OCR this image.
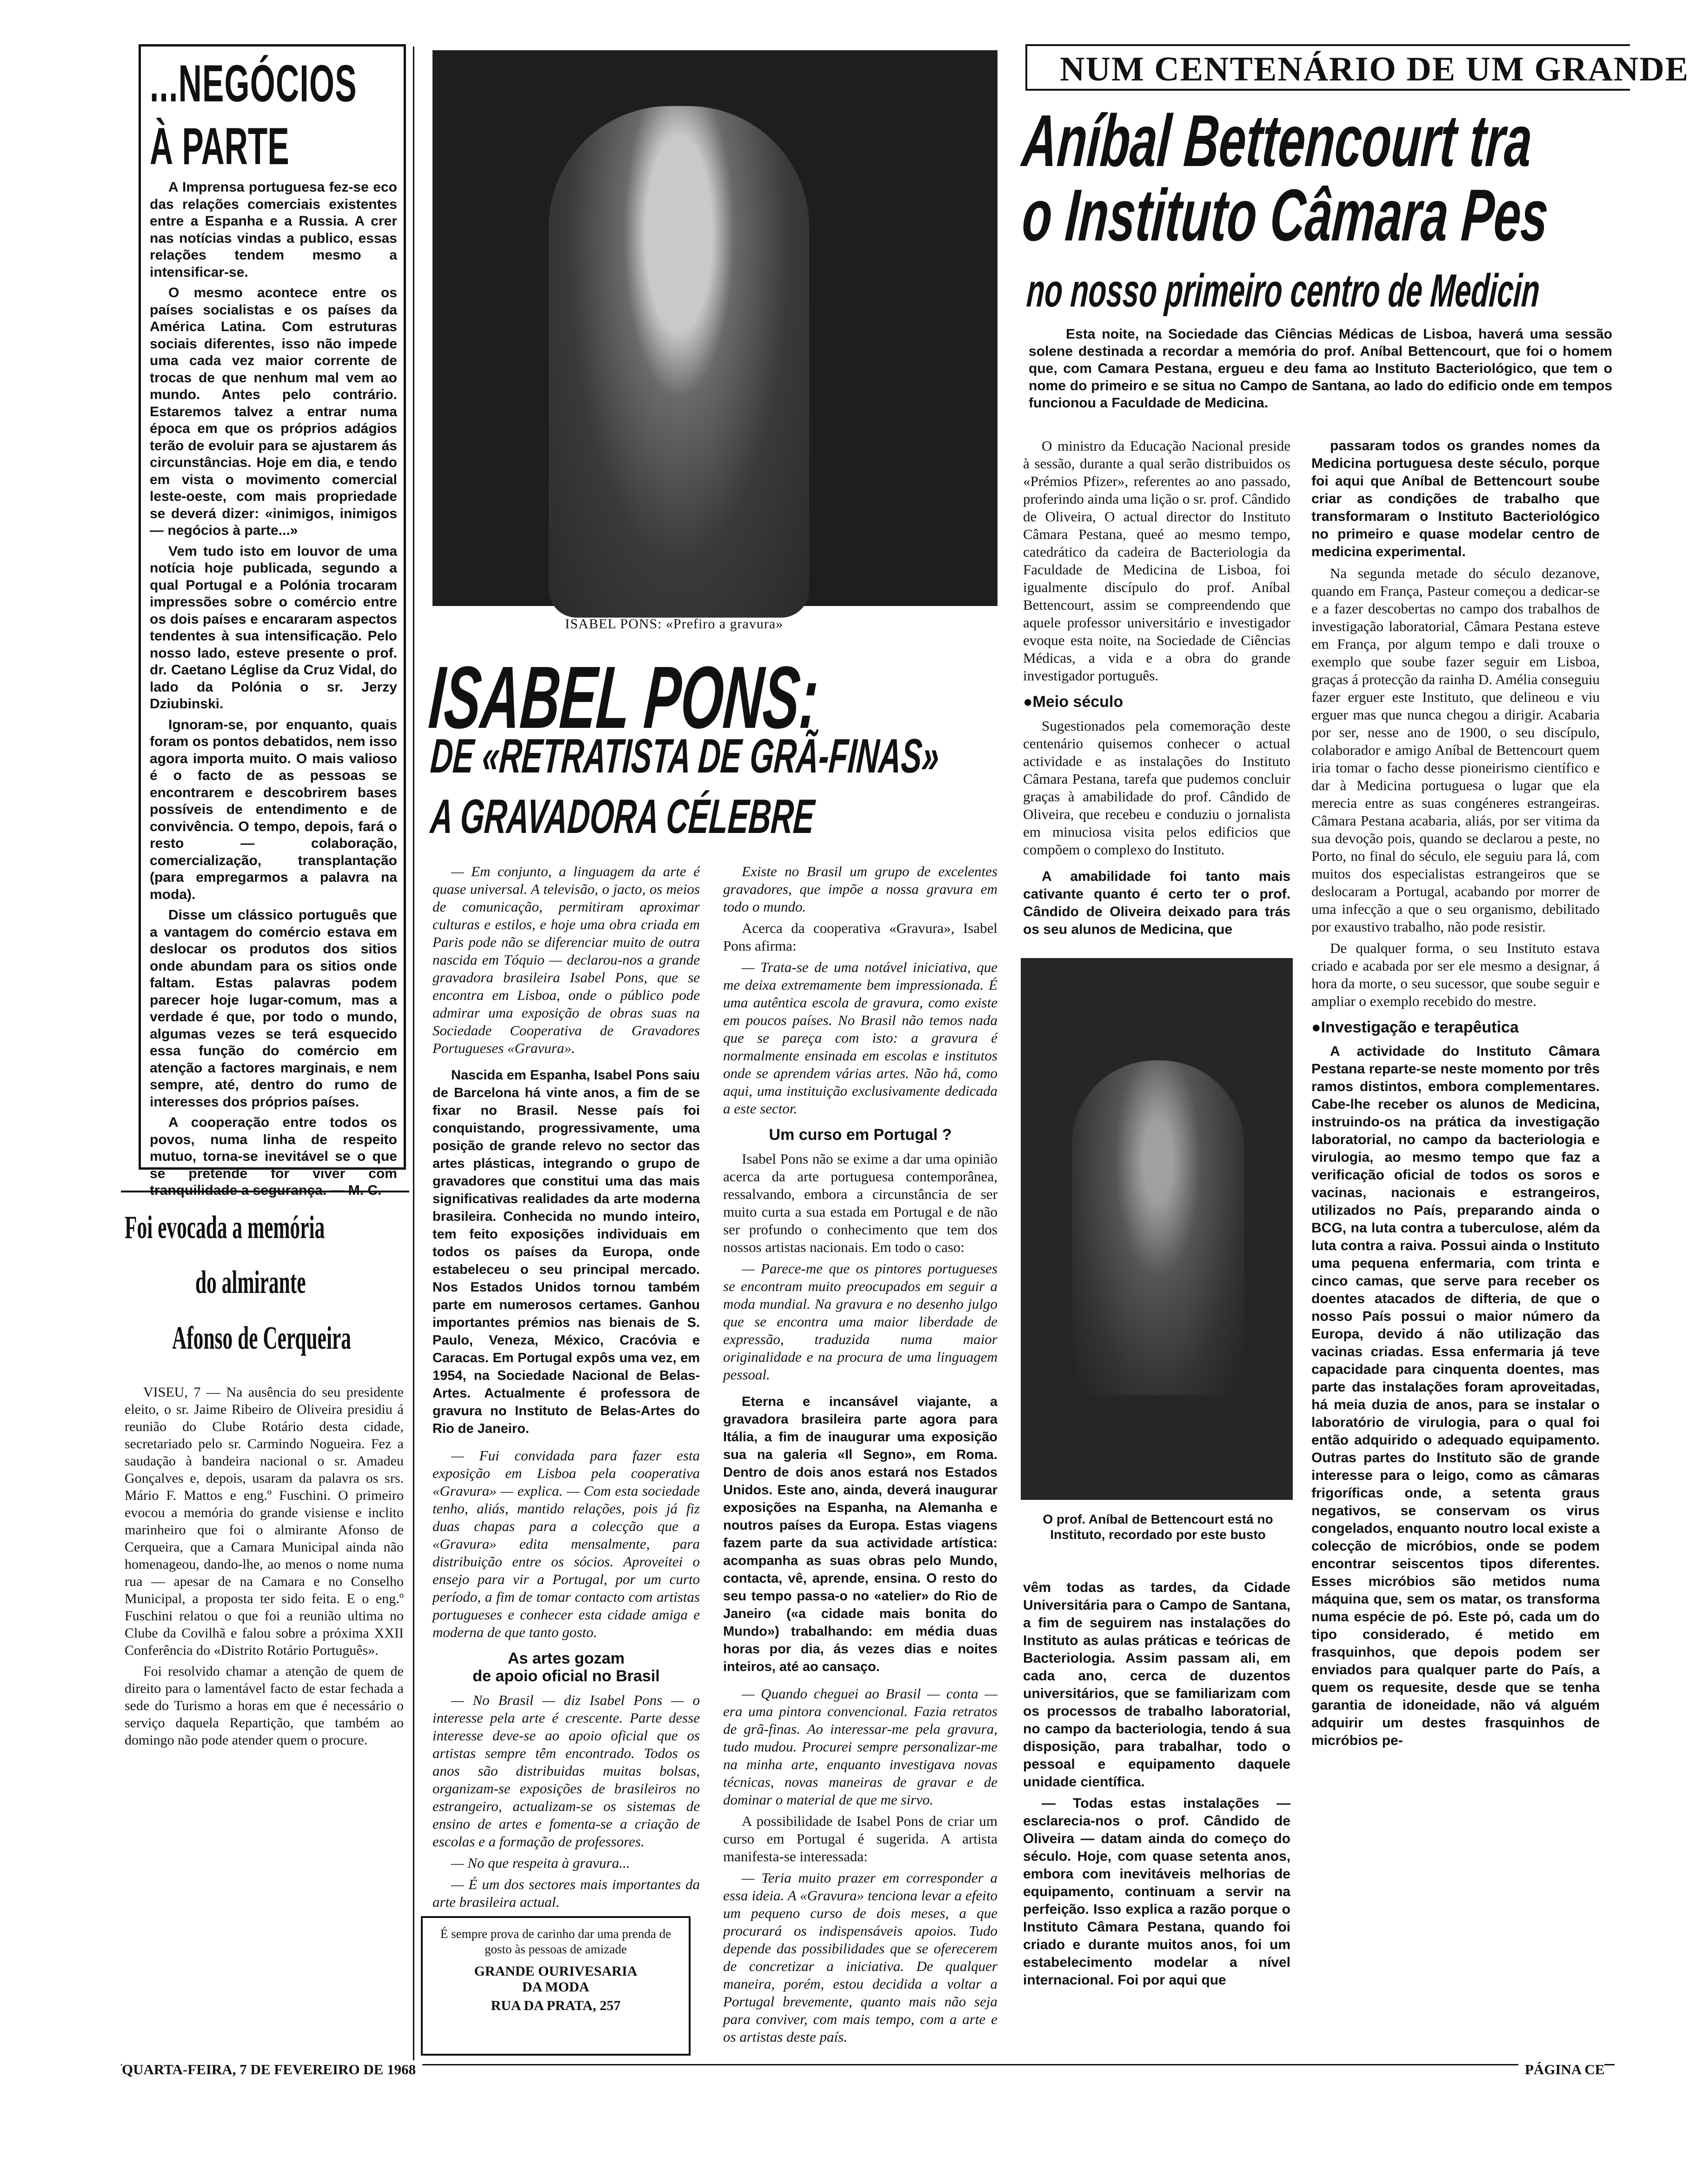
...NEGÓCIOS
À PARTE

A Imprensa portuguesa fez-se eco das relações comerciais existentes entre a Espanha e a Russia. A crer nas notícias vindas a publico, essas relações tendem mesmo a intensificar-se.

O mesmo acontece entre os países socialistas e os países da América Latina. Com estruturas sociais diferentes, isso não impede uma cada vez maior corrente de trocas de que nenhum mal vem ao mundo. Antes pelo contrário. Estaremos talvez a entrar numa época em que os próprios adágios terão de evoluir para se ajustarem ás circunstâncias. Hoje em dia, e tendo em vista o movimento comercial leste-oeste, com mais propriedade se deverá dizer: «inimigos, inimigos — negócios à parte...»

Vem tudo isto em louvor de uma notícia hoje publicada, segundo a qual Portugal e a Polónia trocaram impressões sobre o comércio entre os dois países e encararam aspectos tendentes à sua intensificação. Pelo nosso lado, esteve presente o prof. dr. Caetano Léglise da Cruz Vidal, do lado da Polónia o sr. Jerzy Dziubinski.

Ignoram-se, por enquanto, quais foram os pontos debatidos, nem isso agora importa muito. O mais valioso é o facto de as pessoas se encontrarem e descobrirem bases possíveis de entendimento e de convivência. O tempo, depois, fará o resto — colaboração, comercialização, transplantação (para empregarmos a palavra na moda).

Disse um clássico português que a vantagem do comércio estava em deslocar os produtos dos sitios onde abundam para os sitios onde faltam. Estas palavras podem parecer hoje lugar-comum, mas a verdade é que, por todo o mundo, algumas vezes se terá esquecido essa função do comércio em atenção a factores marginais, e nem sempre, até, dentro do rumo de interesses dos próprios países.

A cooperação entre todos os povos, numa linha de respeito mutuo, torna-se inevitável se o que se pretende for viver com

Foi evocada a memória
do almirante
Afonso de Cerqueira

VISEU, 7 — Na ausência do seu presidente eleito, o sr. Jaime Ribeiro de Oliveira presidiu á reunião do Clube Rotário desta cidade, secretariado pelo sr. Carmindo Nogueira. Fez a saudação à bandeira nacional o sr. Amadeu Gonçalves e, depois, usaram da palavra os srs. Mário F. Mattos e eng.º Fuschini. O primeiro evocou a memória do grande visiense e inclito marinheiro que foi o almirante Afonso de Cerqueira, que a Camara Municipal ainda não homenageou, dando-lhe, ao menos o nome numa rua — apesar de na Camara e no Conselho Municipal, a proposta ter sido feita. E o eng.º Fuschini relatou o que foi a reunião ultima no Clube da Covilhã e falou sobre a próxima XXII Conferência do «Distrito Rotário Português».

Foi resolvido chamar a atenção de quem de direito para o lamentável facto de estar fechada a sede do Turismo a horas em que é necessário o serviço daquela Repartição, que também ao domingo não pode atender quem o procure.

ISABEL PONS: «Prefiro a gravura»
ISABEL PONS:
DE «RETRATISTA DE GRÃ-FINAS»
A GRAVADORA CÉLEBRE

— Em conjunto, a linguagem da arte é quase universal. A televisão, o jacto, os meios de comunicação, permitiram aproximar culturas e estilos, e hoje uma obra criada em Paris pode não se diferenciar muito de outra nascida em Tóquio — declarou-nos a grande gravadora brasileira Isabel Pons, que se encontra em Lisboa, onde o público pode admirar uma exposição de obras suas na Sociedade Cooperativa de Gravadores Portugueses «Gravura».

Nascida em Espanha, Isabel Pons saiu de Barcelona há vinte anos, a fim de se fixar no Brasil. Nesse país foi conquistando, progressivamente, uma posição de grande relevo no sector das artes plásticas, integrando o grupo de gravadores que constitui uma das mais significativas realidades da arte moderna brasileira. Conhecida no mundo inteiro, tem feito exposições individuais em todos os países da Europa, onde estabeleceu o seu principal mercado. Nos Estados Unidos tornou também parte em numerosos certames. Ganhou importantes prémios nas bienais de S. Paulo, Veneza, México, Cracóvia e Caracas. Em Portugal expôs uma vez, em 1954, na Sociedade Nacional de Belas-Artes. Actualmente é professora de gravura no Instituto de Belas-Artes do Rio de Janeiro.

— Fui convidada para fazer esta exposição em Lisboa pela cooperativa «Gravura» — explica. — Com esta sociedade tenho, aliás, mantido relações, pois já fiz duas chapas para a colecção que a «Gravura» edita mensalmente, para distribuição entre os sócios. Aproveitei o ensejo para vir a Portugal, por um curto período, a fim de tomar contacto com artistas portugueses e conhecer esta cidade amiga e moderna de que tanto gosto.

As artes gozam
de apoio oficial no Brasil

— No Brasil — diz Isabel Pons — o interesse pela arte é crescente. Parte desse interesse deve-se ao apoio oficial que os artistas sempre têm encontrado. Todos os anos são distribuidas muitas bolsas, organizam-se exposições de brasileiros no estrangeiro, actualizam-se os sistemas de ensino de artes e fomenta-se a criação de escolas e a formação de professores.

— No que respeita à gravura...

— É um dos sectores mais importantes da arte brasileira actual.

É sempre prova de carinho dar uma prenda de gosto às pessoas de amizade
GRANDE OURIVESARIA
DA MODA
RUA DA PRATA, 257

Existe no Brasil um grupo de excelentes gravadores, que impõe a nossa gravura em todo o mundo.

Acerca da cooperativa «Gravura», Isabel Pons afirma:

— Trata-se de uma notável iniciativa, que me deixa extremamente bem impressionada. É uma autêntica escola de gravura, como existe em poucos países. No Brasil não temos nada que se pareça com isto: a gravura é normalmente ensinada em escolas e institutos onde se aprendem várias artes. Não há, como aqui, uma instituição exclusivamente dedicada a este sector.

Um curso em Portugal ?

Isabel Pons não se exime a dar uma opinião acerca da arte portuguesa contemporânea, ressalvando, embora a circunstância de ser muito curta a sua estada em Portugal e de não ser profundo o conhecimento que tem dos nossos artistas nacionais. Em todo o caso:

— Parece-me que os pintores portugueses se encontram muito preocupados em seguir a moda mundial. Na gravura e no desenho julgo que se encontra uma maior liberdade de expressão, traduzida numa maior originalidade e na procura de uma linguagem pessoal.

Eterna e incansável viajante, a gravadora brasileira parte agora para Itália, a fim de inaugurar uma exposição sua na galeria «Il Segno», em Roma. Dentro de dois anos estará nos Estados Unidos. Este ano, ainda, deverá inaugurar exposições na Espanha, na Alemanha e noutros países da Europa. Estas viagens fazem parte da sua actividade artística: acompanha as suas obras pelo Mundo, contacta, vê, aprende, ensina. O resto do seu tempo passa-o no «atelier» do Rio de Janeiro («a cidade mais bonita do Mundo») trabalhando: em média duas horas por dia, ás vezes dias e noites inteiros, até ao cansaço.

— Quando cheguei ao Brasil — conta — era uma pintora convencional. Fazia retratos de grã-finas. Ao interessar-me pela gravura, tudo mudou. Procurei sempre personalizar-me na minha arte, enquanto investigava novas técnicas, novas maneiras de gravar e de dominar o material de que me sirvo.

A possibilidade de Isabel Pons de criar um curso em Portugal é sugerida. A artista manifesta-se interessada:

— Teria muito prazer em corresponder a essa ideia. A «Gravura» tenciona levar a efeito um pequeno curso de dois meses, a que procurará os indispensáveis apoios. Tudo depende das possibilidades que se oferecerem de concretizar a iniciativa. De qualquer maneira, porém, estou decidida a voltar a Portugal brevemente, quanto mais não seja para conviver, com mais tempo, com a arte e os artistas deste país.

NUM CENTENÁRIO DE UM GRANDE
Aníbal Bettencourt tra
o Instituto Câmara Pes
no nosso primeiro centro de Medicin
Esta noite, na Sociedade das Ciências Médicas de Lisboa, haverá uma sessão solene destinada a recordar a memória do prof. Aníbal Bettencourt, que foi o homem que, com Camara Pestana, ergueu e deu fama ao Instituto Bacteriológico, que tem o nome do primeiro e se situa no Campo de Santana, ao lado do edificio onde em tempos funcionou a Faculdade de Medicina.

O ministro da Educação Nacional preside à sessão, durante a qual serão distribuidos os «Prémios Pfizer», referentes ao ano passado, proferindo ainda uma lição o sr. prof. Cândido de Oliveira, O actual director do Instituto Câmara Pestana, queé ao mesmo tempo, catedrático da cadeira de Bacteriologia da Faculdade de Medicina de Lisboa, foi igualmente discípulo do prof. Aníbal Bettencourt, assim se compreendendo que aquele professor universitário e investigador evoque esta noite, na Sociedade de Ciências Médicas, a vida e a obra do grande investigador português.

● Meio século

Sugestionados pela comemoração deste centenário quisemos conhecer o actual actividade e as instalações do Instituto Câmara Pestana, tarefa que pudemos concluir graças à amabilidade do prof. Cândido de Oliveira, que recebeu e conduziu o jornalista em minuciosa visita pelos edificios que compõem o complexo do Instituto.

A amabilidade foi tanto mais cativante quanto é certo ter o prof. Cândido de Oliveira deixado para trás os seu alunos de Medicina, que

O prof. Aníbal de Bettencourt está no Instituto, recordado por este busto

vêm todas as tardes, da Cidade Universitária para o Campo de Santana, a fim de seguirem nas instalações do Instituto as aulas práticas e teóricas de Bacteriologia. Assim passam ali, em cada ano, cerca de duzentos universitários, que se familiarizam com os processos de trabalho laboratorial, no campo da bacteriologia, tendo á sua disposição, para trabalhar, todo o pessoal e equipamento daquele unidade científica.

— Todas estas instalações — esclarecia-nos o prof. Cândido de Oliveira — datam ainda do começo do século. Hoje, com quase setenta anos, embora com inevitáveis melhorias de equipamento, continuam a servir na perfeição. Isso explica a razão porque o Instituto Câmara Pestana, quando foi criado e durante muitos anos, foi um estabelecimento modelar a nível internacional. Foi por aqui que

passaram todos os grandes nomes da Medicina portuguesa deste século, porque foi aqui que Aníbal de Bettencourt soube criar as condições de trabalho que transformaram o Instituto Bacteriológico no primeiro e quase modelar centro de medicina experimental.

Na segunda metade do século dezanove, quando em França, Pasteur começou a dedicar-se e a fazer descobertas no campo dos trabalhos de investigação laboratorial, Câmara Pestana esteve em França, por algum tempo e dali trouxe o exemplo que soube fazer seguir em Lisboa, graças á protecção da rainha D. Amélia conseguiu fazer erguer este Instituto, que delineou e viu erguer mas que nunca chegou a dirigir. Acabaria por ser, nesse ano de 1900, o seu discípulo, colaborador e amigo Aníbal de Bettencourt quem iria tomar o facho desse pioneirismo científico e dar à Medicina portuguesa o lugar que ela merecia entre as suas congéneres estrangeiras. Câmara Pestana acabaria, aliás, por ser vitima da sua devoção pois, quando se declarou a peste, no Porto, no final do século, ele seguiu para lá, com muitos dos especialistas estrangeiros que se deslocaram a Portugal, acabando por morrer de uma infecção a que o seu organismo, debilitado por exaustivo trabalho, não pode resistir.

De qualquer forma, o seu Instituto estava criado e acabada por ser ele mesmo a designar, á hora da morte, o seu sucessor, que soube seguir e ampliar o exemplo recebido do mestre.

● Investigação e terapêutica

A actividade do Instituto Câmara Pestana reparte-se neste momento por três ramos distintos, embora complementares. Cabe-lhe receber os alunos de Medicina, instruindo-os na prática da investigação laboratorial, no campo da bacteriologia e virulogia, ao mesmo tempo que faz a verificação oficial de todos os soros e vacinas, nacionais e estrangeiros, utilizados no País, preparando ainda o BCG, na luta contra a tuberculose, além da luta contra a raiva. Possui ainda o Instituto uma pequena enfermaria, com trinta e cinco camas, que serve para receber os doentes atacados de difteria, de que o nosso País possui o maior número da Europa, devido á não utilização das vacinas criadas. Essa enfermaria já teve capacidade para cinquenta doentes, mas parte das instalações foram aproveitadas, há meia duzia de anos, para se instalar o laboratório de virulogia, para o qual foi então adquirido o adequado equipamento. Outras partes do Instituto são de grande interesse para o leigo, como as câmaras frigoríficas onde, a setenta graus negativos, se conservam os virus congelados, enquanto noutro local existe a colecção de micróbios, onde se podem encontrar seiscentos tipos diferentes. Esses micróbios são metidos numa máquina que, sem os matar, os transforma numa espécie de pó. Este pó, cada um do tipo considerado, é metido em frasquinhos, que depois podem ser enviados para qualquer parte do País, a quem os requesite, desde que se tenha garantia de idoneidade, não vá alguém adquirir um destes frasquinhos de micróbios pe-

QUARTA-FEIRA, 7 DE FEVEREIRO DE 1968	PÁGINA CE
